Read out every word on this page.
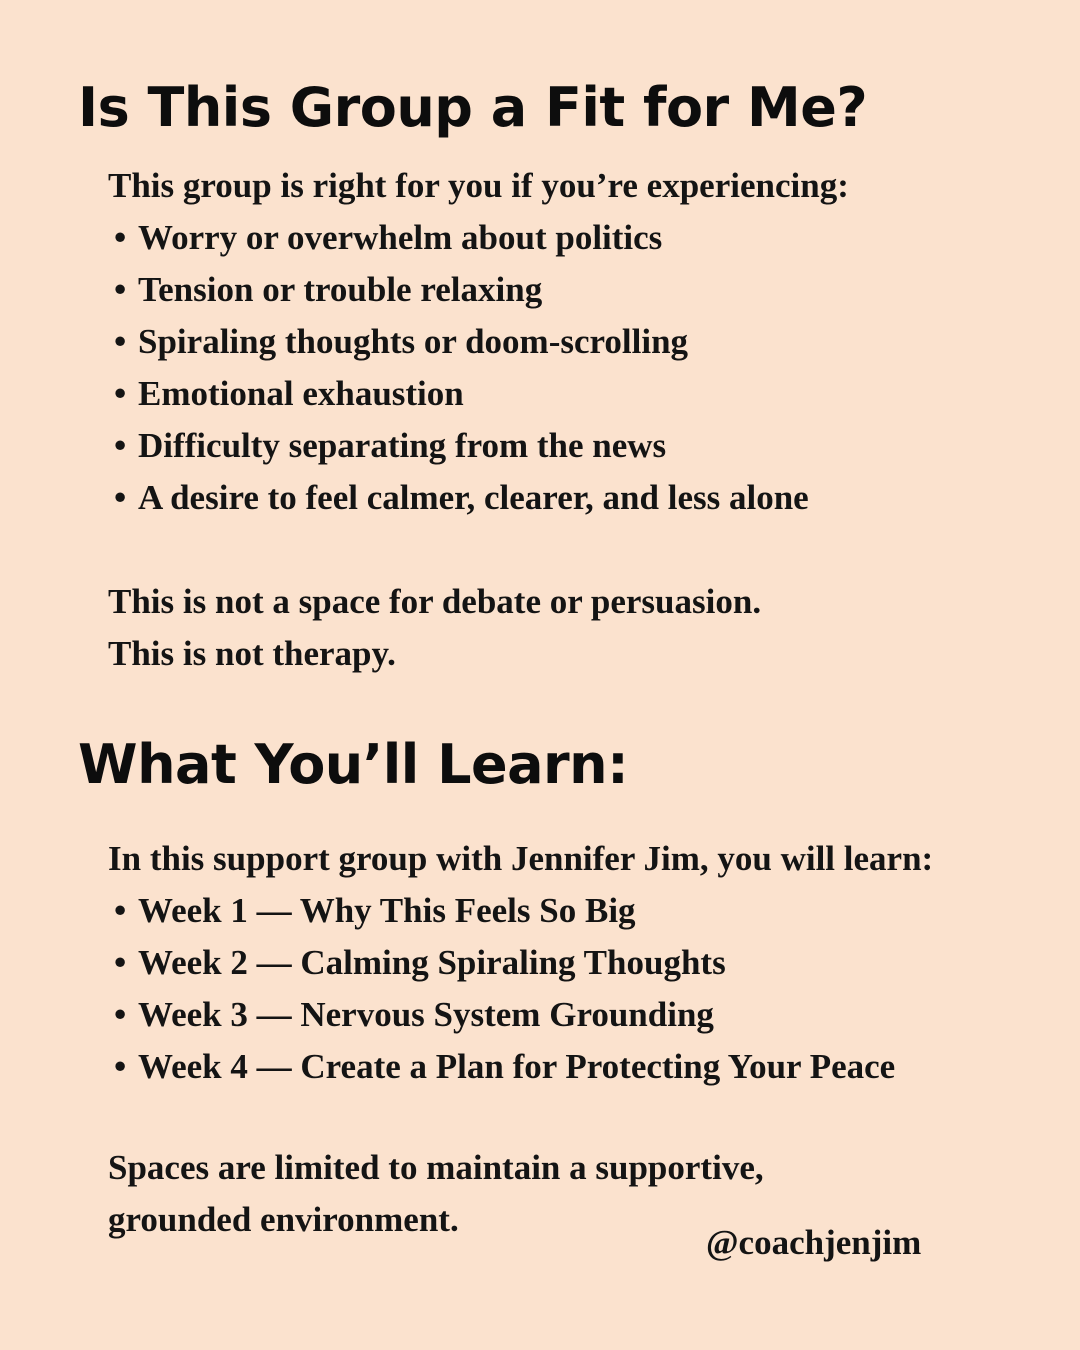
Is This Group a Fit for Me?

This group is right for you if you’re experiencing:

• Worry or overwhelm about politics
• Tension or trouble relaxing
• Spiraling thoughts or doom-scrolling
• Emotional exhaustion
• Difficulty separating from the news
• A desire to feel calmer, clearer, and less alone

This is not a space for debate or persuasion.

This is not therapy.

What You’ll Learn:

In this support group with Jennifer Jim, you will learn:

• Week 1 — Why This Feels So Big
• Week 2 — Calming Spiraling Thoughts
• Week 3 — Nervous System Grounding
• Week 4 — Create a Plan for Protecting Your Peace

Spaces are limited to maintain a supportive,

grounded environment.

@coachjenjim
